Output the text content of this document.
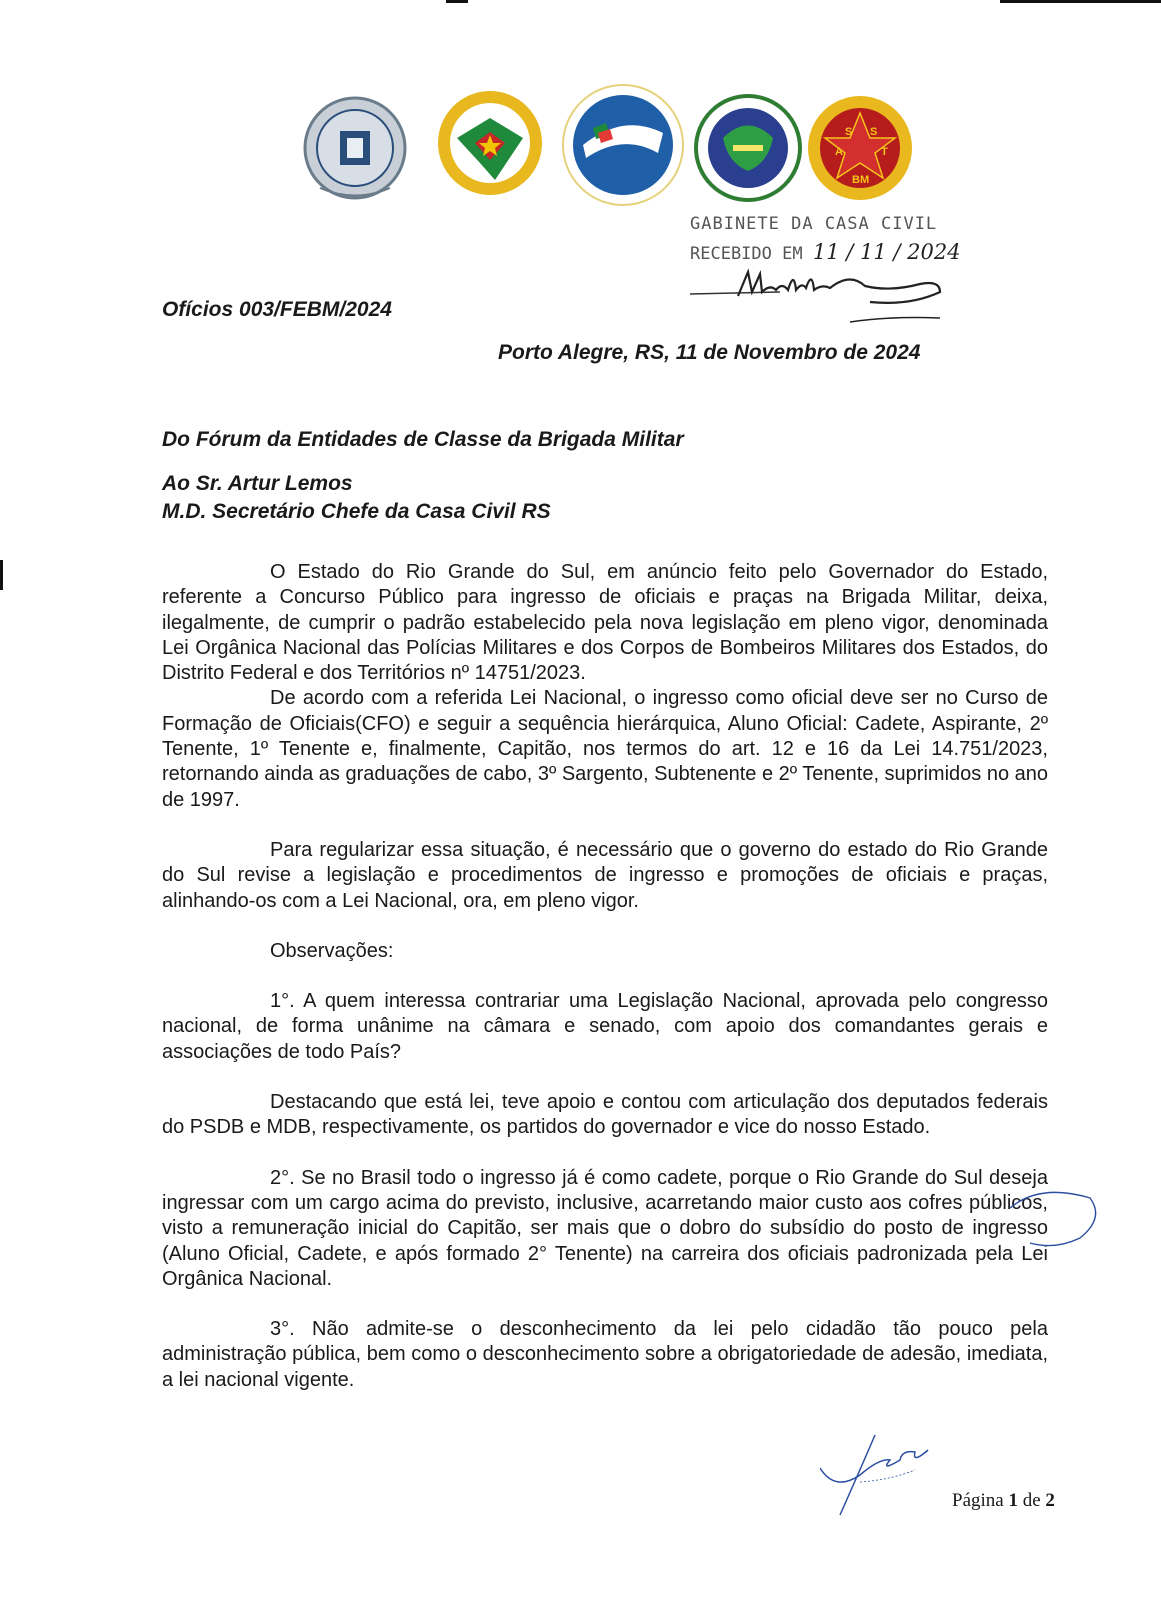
S S
A	T
BM
GABINETE DA CASA CIVIL
RECEBIDO EM 11 / 11 / 2024
Ofícios 003/FEBM/2024
Porto Alegre, RS, 11 de Novembro de 2024
Do Fórum da Entidades de Classe da Brigada Militar
Ao Sr. Artur Lemos
M.D. Secretário Chefe da Casa Civil RS

O Estado do Rio Grande do Sul, em anúncio feito pelo Governador do Estado, referente a Concurso Público para ingresso de oficiais e praças na Brigada Militar, deixa, ilegalmente, de cumprir o padrão estabelecido pela nova legislação em pleno vigor, denominada Lei Orgânica Nacional das Polícias Militares e dos Corpos de Bombeiros Militares dos Estados, do Distrito Federal e dos Territórios nº 14751/2023.

De acordo com a referida Lei Nacional, o ingresso como oficial deve ser no Curso de Formação de Oficiais(CFO) e seguir a sequência hierárquica, Aluno Oficial: Cadete, Aspirante, 2º Tenente, 1º Tenente e, finalmente, Capitão, nos termos do art. 12 e 16 da Lei 14.751/2023, retornando ainda as graduações de cabo, 3º Sargento, Subtenente e 2º Tenente, suprimidos no ano de 1997.

Para regularizar essa situação, é necessário que o governo do estado do Rio Grande do Sul revise a legislação e procedimentos de ingresso e promoções de oficiais e praças, alinhando-os com a Lei Nacional, ora, em pleno vigor.

Observações:

1°. A quem interessa contrariar uma Legislação Nacional, aprovada pelo congresso nacional, de forma unânime na câmara e senado, com apoio dos comandantes gerais e associações de todo País?

Destacando que está lei, teve apoio e contou com articulação dos deputados federais do PSDB e MDB, respectivamente, os partidos do governador e vice do nosso Estado.

2°. Se no Brasil todo o ingresso já é como cadete, porque o Rio Grande do Sul deseja ingressar com um cargo acima do previsto, inclusive, acarretando maior custo aos cofres públicos, visto a remuneração inicial do Capitão, ser mais que o dobro do subsídio do posto de ingresso (Aluno Oficial, Cadete, e após formado 2° Tenente) na carreira dos oficiais padronizada pela Lei Orgânica Nacional.

3°. Não admite-se o desconhecimento da lei pelo cidadão tão pouco pela administração pública, bem como o desconhecimento sobre a obrigatoriedade de adesão, imediata, a lei nacional vigente.

Página 1 de 2
